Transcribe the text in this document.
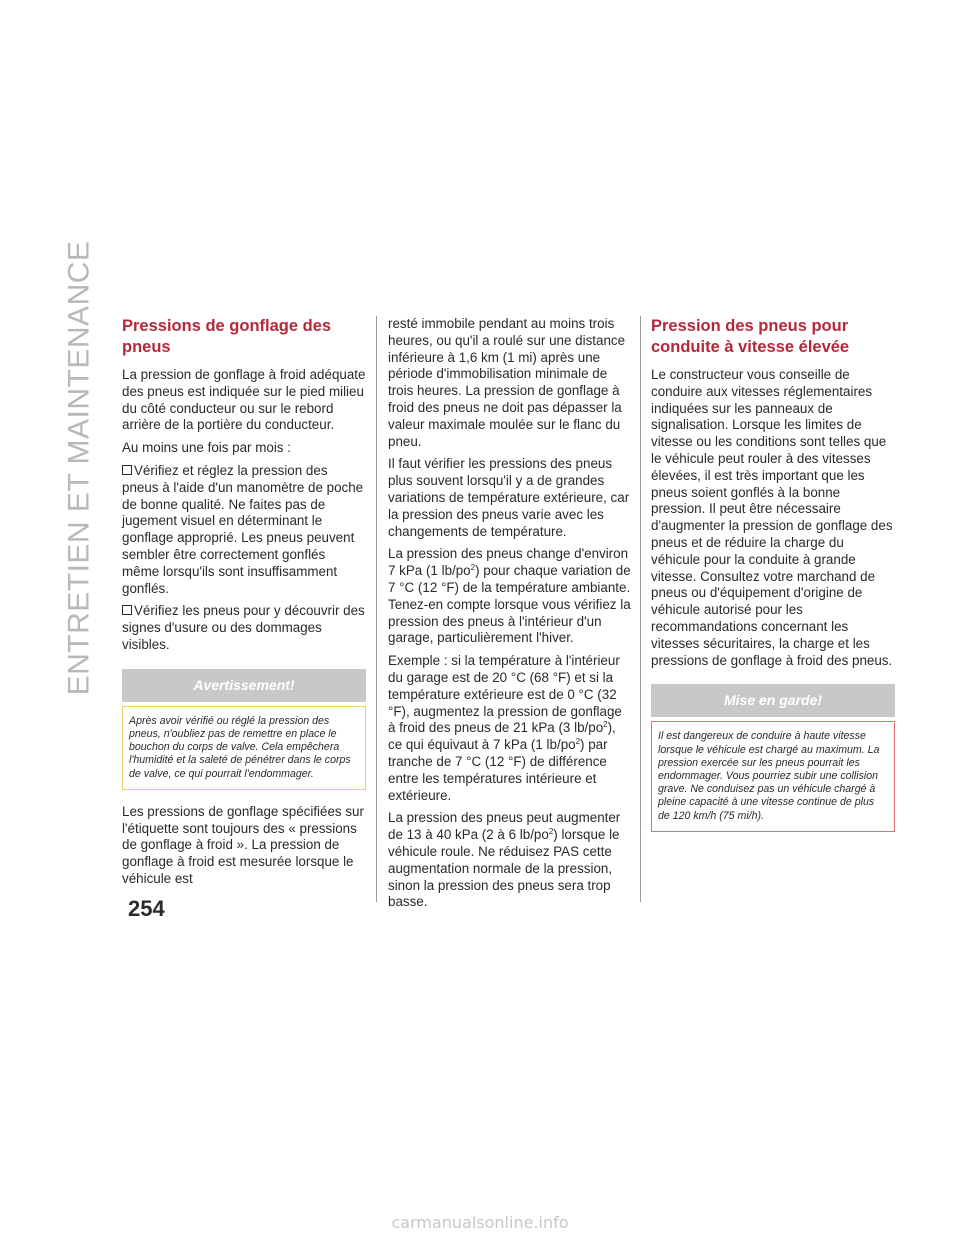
ENTRETIEN ET MAINTENANCE Pressions de gonflage des pneus

La pression de gonflage à froid adéquate des pneus est indiquée sur le pied milieu du côté conducteur ou sur le rebord arrière de la portière du conducteur.

Au moins une fois par mois :

Vérifiez et réglez la pression des pneus à l'aide d'un manomètre de poche de bonne qualité. Ne faites pas de jugement visuel en déterminant le gonflage approprié. Les pneus peuvent sembler être correctement gonflés même lorsqu'ils sont insuffisamment gonflés.

Vérifiez les pneus pour y découvrir des signes d'usure ou des dommages visibles.

Avertissement!
Après avoir vérifié ou réglé la pression des pneus, n'oubliez pas de remettre en place le bouchon du corps de valve. Cela empêchera l'humidité et la saleté de pénétrer dans le corps de valve, ce qui pourrait l'endommager.

Les pressions de gonflage spécifiées sur l'étiquette sont toujours des « pressions de gonflage à froid ». La pression de gonflage à froid est mesurée lorsque le véhicule est

resté immobile pendant au moins trois heures, ou qu'il a roulé sur une distance inférieure à 1,6 km (1 mi) après une période d'immobilisation minimale de trois heures. La pression de gonflage à froid des pneus ne doit pas dépasser la valeur maximale moulée sur le flanc du pneu.

Il faut vérifier les pressions des pneus plus souvent lorsqu'il y a de grandes variations de température extérieure, car la pression des pneus varie avec les changements de température.

La pression des pneus change d'environ 7 kPa (1 $lb/po^2$) pour chaque variation de 7 °C (12 °F) de la température ambiante. Tenez-en compte lorsque vous vérifiez la pression des pneus à l'intérieur d'un garage, particulièrement l'hiver.

Exemple : si la température à l'intérieur du garage est de 20 °C (68 °F) et si la température extérieure est de 0 °C (32 °F), augmentez la pression de gonflage à froid des pneus de 21 kPa (3 $lb/po^2$), ce qui équivaut à 7 kPa (1 $lb/po^2$) par tranche de 7 °C (12 °F) de différence entre les températures intérieure et extérieure.

La pression des pneus peut augmenter de 13 à 40 kPa (2 à 6 $lb/po^2$) lorsque le véhicule roule. Ne réduisez PAS cette augmentation normale de la pression, sinon la pression des pneus sera trop basse.

Pression des pneus pour conduite à vitesse élevée

Le constructeur vous conseille de conduire aux vitesses réglementaires indiquées sur les panneaux de signalisation. Lorsque les limites de vitesse ou les conditions sont telles que le véhicule peut rouler à des vitesses élevées, il est très important que les pneus soient gonflés à la bonne pression. Il peut être nécessaire d'augmenter la pression de gonflage des pneus et de réduire la charge du véhicule pour la conduite à grande vitesse. Consultez votre marchand de pneus ou d'équipement d'origine de véhicule autorisé pour les recommandations concernant les vitesses sécuritaires, la charge et les pressions de gonflage à froid des pneus.

Mise en garde!
Il est dangereux de conduire à haute vitesse lorsque le véhicule est chargé au maximum. La pression exercée sur les pneus pourrait les endommager. Vous pourriez subir une collision grave. Ne conduisez pas un véhicule chargé à pleine capacité à une vitesse continue de plus de 120 km/h (75 mi/h).
254
carmanualsonline.info
